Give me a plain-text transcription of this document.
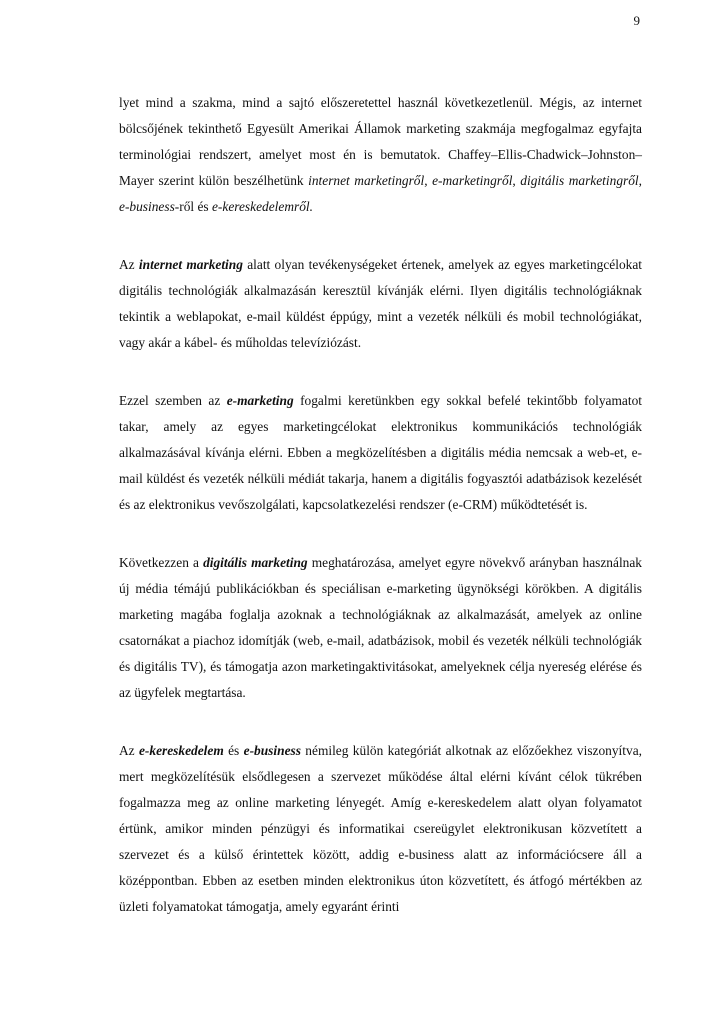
9

lyet mind a szakma, mind a sajtó előszeretettel használ következetlenül. Mégis, az internet bölcsőjének tekinthető Egyesült Amerikai Államok marketing szakmája megfogalmaz egyfajta terminológiai rendszert, amelyet most én is bemutatok. Chaffey–Ellis-Chadwick–Johnston–Mayer szerint külön beszélhetünk internet marketingről, e-marketingről, digitális marketingről, e-business-ről és e-kereskedelemről.

Az internet marketing alatt olyan tevékenységeket értenek, amelyek az egyes marketingcélokat digitális technológiák alkalmazásán keresztül kívánják elérni. Ilyen digitális technológiáknak tekintik a weblapokat, e-mail küldést éppúgy, mint a vezeték nélküli és mobil technológiákat, vagy akár a kábel- és műholdas televíziózást.

Ezzel szemben az e-marketing fogalmi keretünkben egy sokkal befelé tekintőbb folyamatot takar, amely az egyes marketingcélokat elektronikus kommunikációs technológiák alkalmazásával kívánja elérni. Ebben a megközelítésben a digitális média nemcsak a web-et, e-mail küldést és vezeték nélküli médiát takarja, hanem a digitális fogyasztói adatbázisok kezelését és az elektronikus vevőszolgálati, kapcsolatkezelési rendszer (e-CRM) működtetését is.

Következzen a digitális marketing meghatározása, amelyet egyre növekvő arányban használnak új média témájú publikációkban és speciálisan e-marketing ügynökségi körökben. A digitális marketing magába foglalja azoknak a technológiáknak az alkalmazását, amelyek az online csatornákat a piachoz idomítják (web, e-mail, adatbázisok, mobil és vezeték nélküli technológiák és digitális TV), és támogatja azon marketingaktivitásokat, amelyeknek célja nyereség elérése és az ügyfelek megtartása.

Az e-kereskedelem és e-business némileg külön kategóriát alkotnak az előzőekhez viszonyítva, mert megközelítésük elsődlegesen a szervezet működése által elérni kívánt célok tükrében fogalmazza meg az online marketing lényegét. Amíg e-kereskedelem alatt olyan folyamatot értünk, amikor minden pénzügyi és informatikai csereügylet elektronikusan közvetített a szervezet és a külső érintettek között, addig e-business alatt az információcsere áll a középpontban. Ebben az esetben minden elektronikus úton közvetített, és átfogó mértékben az üzleti folyamatokat támogatja, amely egyaránt érinti
